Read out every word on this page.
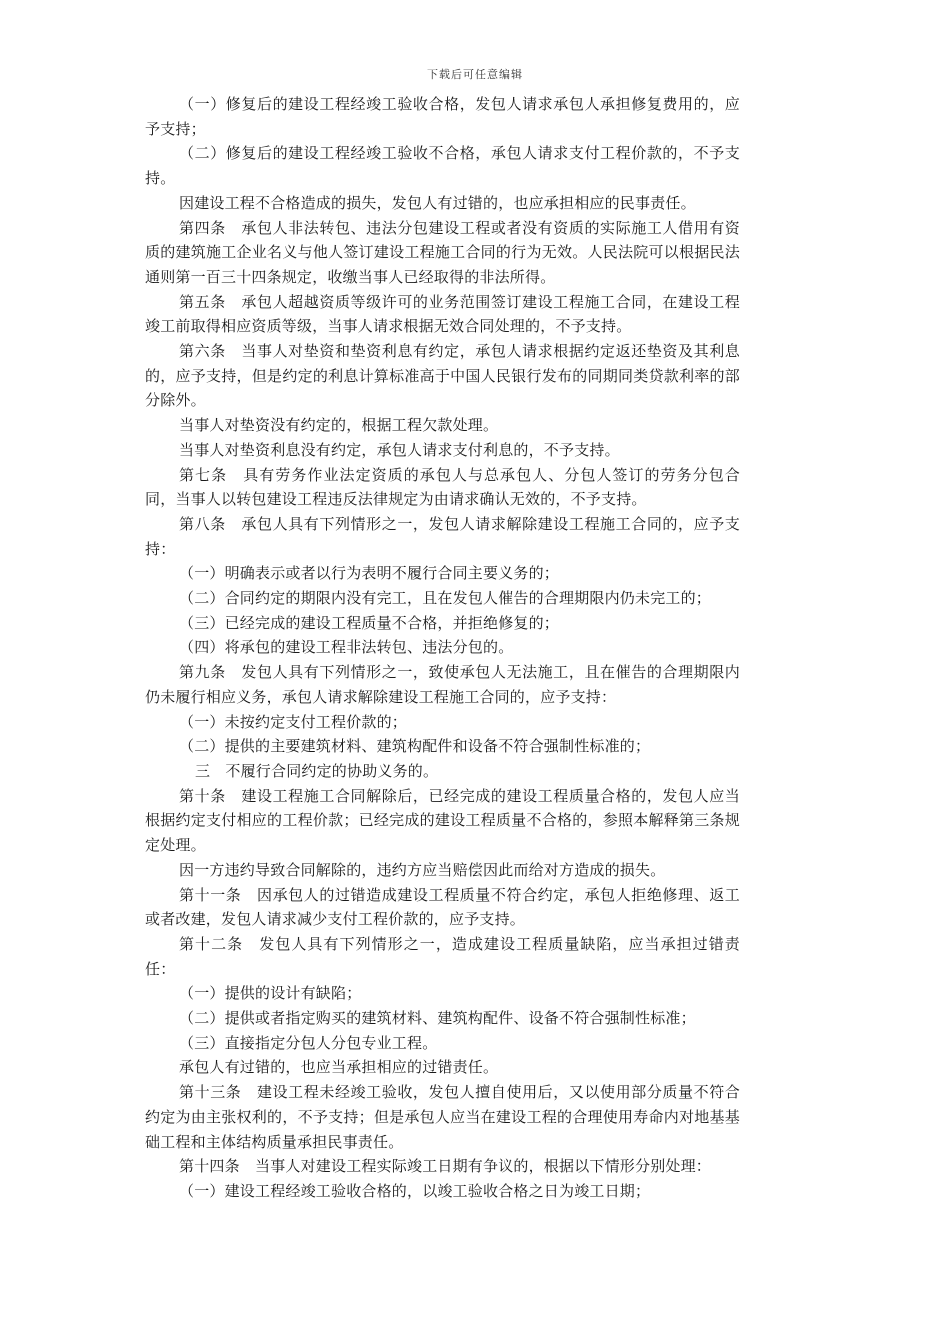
下载后可任意编辑

（一）修复后的建设工程经竣工验收合格，发包人请求承包人承担修复费用的，应予支持；

（二）修复后的建设工程经竣工验收不合格，承包人请求支付工程价款的，不予支持。

因建设工程不合格造成的损失，发包人有过错的，也应承担相应的民事责任。

第四条　承包人非法转包、违法分包建设工程或者没有资质的实际施工人借用有资质的建筑施工企业名义与他人签订建设工程施工合同的行为无效。人民法院可以根据民法通则第一百三十四条规定，收缴当事人已经取得的非法所得。

第五条　承包人超越资质等级许可的业务范围签订建设工程施工合同，在建设工程竣工前取得相应资质等级，当事人请求根据无效合同处理的，不予支持。

第六条　当事人对垫资和垫资利息有约定，承包人请求根据约定返还垫资及其利息的，应予支持，但是约定的利息计算标准高于中国人民银行发布的同期同类贷款利率的部分除外。

当事人对垫资没有约定的，根据工程欠款处理。

当事人对垫资利息没有约定，承包人请求支付利息的，不予支持。

第七条　具有劳务作业法定资质的承包人与总承包人、分包人签订的劳务分包合同，当事人以转包建设工程违反法律规定为由请求确认无效的，不予支持。

第八条　承包人具有下列情形之一，发包人请求解除建设工程施工合同的，应予支持：

（一）明确表示或者以行为表明不履行合同主要义务的；

（二）合同约定的期限内没有完工，且在发包人催告的合理期限内仍未完工的；

（三）已经完成的建设工程质量不合格，并拒绝修复的；

（四）将承包的建设工程非法转包、违法分包的。

第九条　发包人具有下列情形之一，致使承包人无法施工，且在催告的合理期限内仍未履行相应义务，承包人请求解除建设工程施工合同的，应予支持：

（一）未按约定支付工程价款的；

（二）提供的主要建筑材料、建筑构配件和设备不符合强制性标准的；

三　不履行合同约定的协助义务的。

第十条　建设工程施工合同解除后，已经完成的建设工程质量合格的，发包人应当根据约定支付相应的工程价款；已经完成的建设工程质量不合格的，参照本解释第三条规定处理。

因一方违约导致合同解除的，违约方应当赔偿因此而给对方造成的损失。

第十一条　因承包人的过错造成建设工程质量不符合约定，承包人拒绝修理、返工或者改建，发包人请求减少支付工程价款的，应予支持。

第十二条　发包人具有下列情形之一，造成建设工程质量缺陷，应当承担过错责任：

（一）提供的设计有缺陷；

（二）提供或者指定购买的建筑材料、建筑构配件、设备不符合强制性标准；

（三）直接指定分包人分包专业工程。

承包人有过错的，也应当承担相应的过错责任。

第十三条　建设工程未经竣工验收，发包人擅自使用后，又以使用部分质量不符合约定为由主张权利的，不予支持；但是承包人应当在建设工程的合理使用寿命内对地基基础工程和主体结构质量承担民事责任。

第十四条　当事人对建设工程实际竣工日期有争议的，根据以下情形分别处理：

（一）建设工程经竣工验收合格的，以竣工验收合格之日为竣工日期；
